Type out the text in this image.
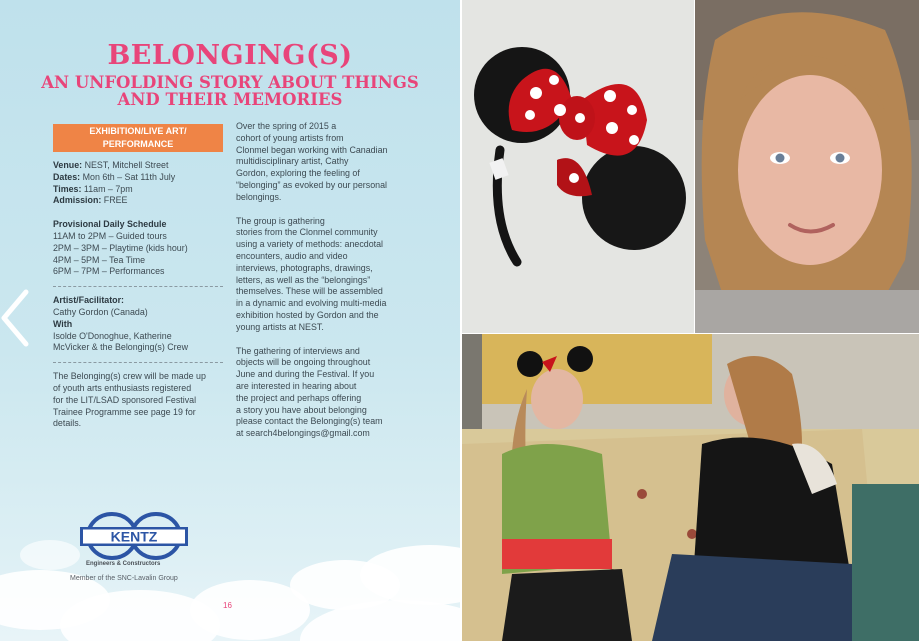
BELONGING(S)
AN UNFOLDING STORY ABOUT THINGS
AND THEIR MEMORIES
EXHIBITION/LIVE ART/
PERFORMANCE
Venue: NEST, Mitchell Street
Dates: Mon 6th – Sat 11th July
Times: 11am – 7pm
Admission: FREE
Provisional Daily Schedule
11AM to 2PM – Guided tours
2PM – 3PM – Playtime (kids hour)
4PM – 5PM – Tea Time
6PM – 7PM – Performances
Artist/Facilitator:
Cathy Gordon (Canada)
With
Isolde O'Donoghue, Katherine
McVicker & the Belonging(s) Crew
The Belonging(s) crew will be made up
of youth arts enthusiasts registered
for the LIT/LSAD sponsored Festival
Trainee Programme see page 19 for
details.
Over the spring of 2015 a
cohort of young artists from
Clonmel began working with Canadian
multidisciplinary artist, Cathy
Gordon, exploring the feeling of
“belonging” as evoked by our personal
belongings.
The group is gathering
stories from the Clonmel community
using a variety of methods: anecdotal
encounters, audio and video
interviews, photographs, drawings,
letters, as well as the “belongings”
themselves. These will be assembled
in a dynamic and evolving multi-media
exhibition hosted by Gordon and the
young artists at NEST.
The gathering of interviews and
objects will be ongoing throughout
June and during the Festival. If you
are interested in hearing about
the project and perhaps offering
a story you have about belonging
please contact the Belonging(s) team
at search4belongings@gmail.com
KENTZ
Engineers & Constructors
Member of the SNC-Lavalin Group
16
